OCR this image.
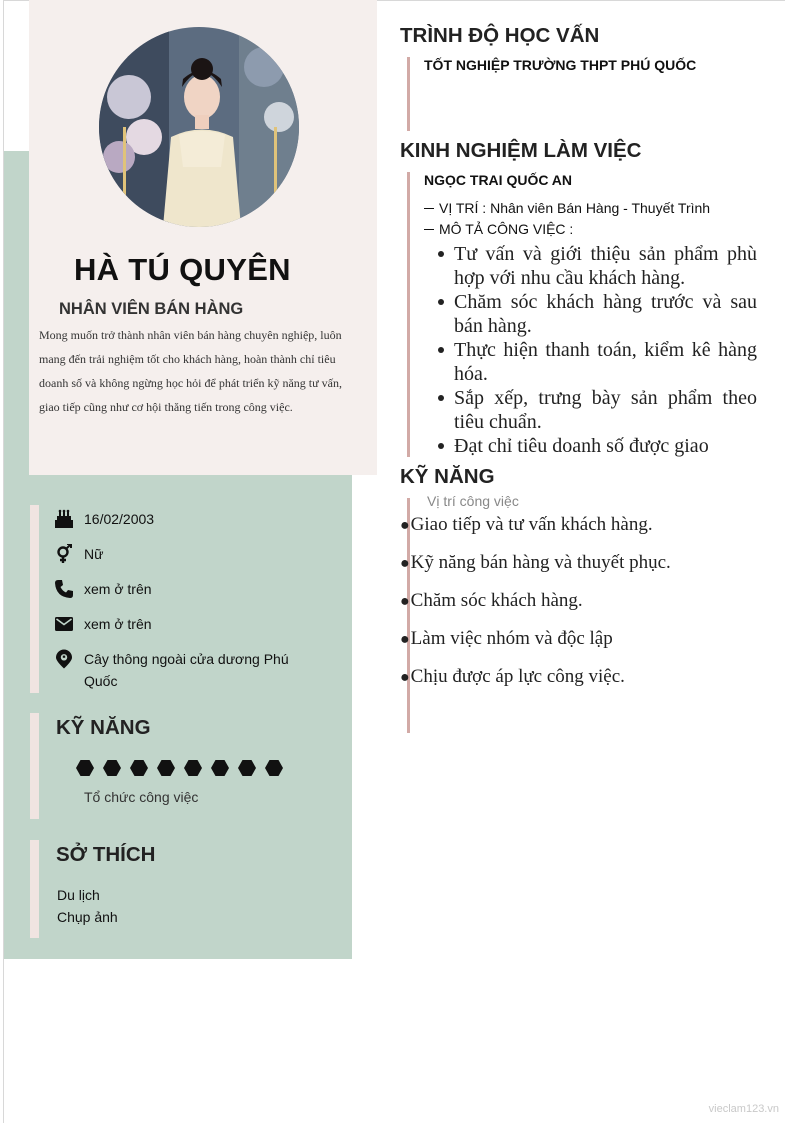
HÀ TÚ QUYÊN
NHÂN VIÊN BÁN HÀNG
Mong muốn trở thành nhân viên bán hàng chuyên nghiệp, luôn mang đến trải nghiệm tốt cho khách hàng, hoàn thành chỉ tiêu doanh số và không ngừng học hỏi để phát triển kỹ năng tư vấn, giao tiếp cũng như cơ hội thăng tiến trong công việc.
16/02/2003
Nữ
xem ở trên
xem ở trên
Cây thông ngoài cửa dương Phú Quốc
KỸ NĂNG
Tổ chức công việc
SỞ THÍCH
Du lịch
Chụp ảnh
TRÌNH ĐỘ HỌC VẤN
TỐT NGHIỆP TRƯỜNG THPT PHÚ QUỐC
KINH NGHIỆM LÀM VIỆC
NGỌC TRAI QUỐC AN
VỊ TRÍ : Nhân viên Bán Hàng - Thuyết Trình
MÔ TẢ CÔNG VIỆC :
Tư vấn và giới thiệu sản phẩm phù hợp với nhu cầu khách hàng.
Chăm sóc khách hàng trước và sau bán hàng.
Thực hiện thanh toán, kiểm kê hàng hóa.
Sắp xếp, trưng bày sản phẩm theo tiêu chuẩn.
Đạt chỉ tiêu doanh số được giao
KỸ NĂNG
Vị trí công việc
●Giao tiếp và tư vấn khách hàng.
●Kỹ năng bán hàng và thuyết phục.
●Chăm sóc khách hàng.
●Làm việc nhóm và độc lập
●Chịu được áp lực công việc.
vieclam123.vn
